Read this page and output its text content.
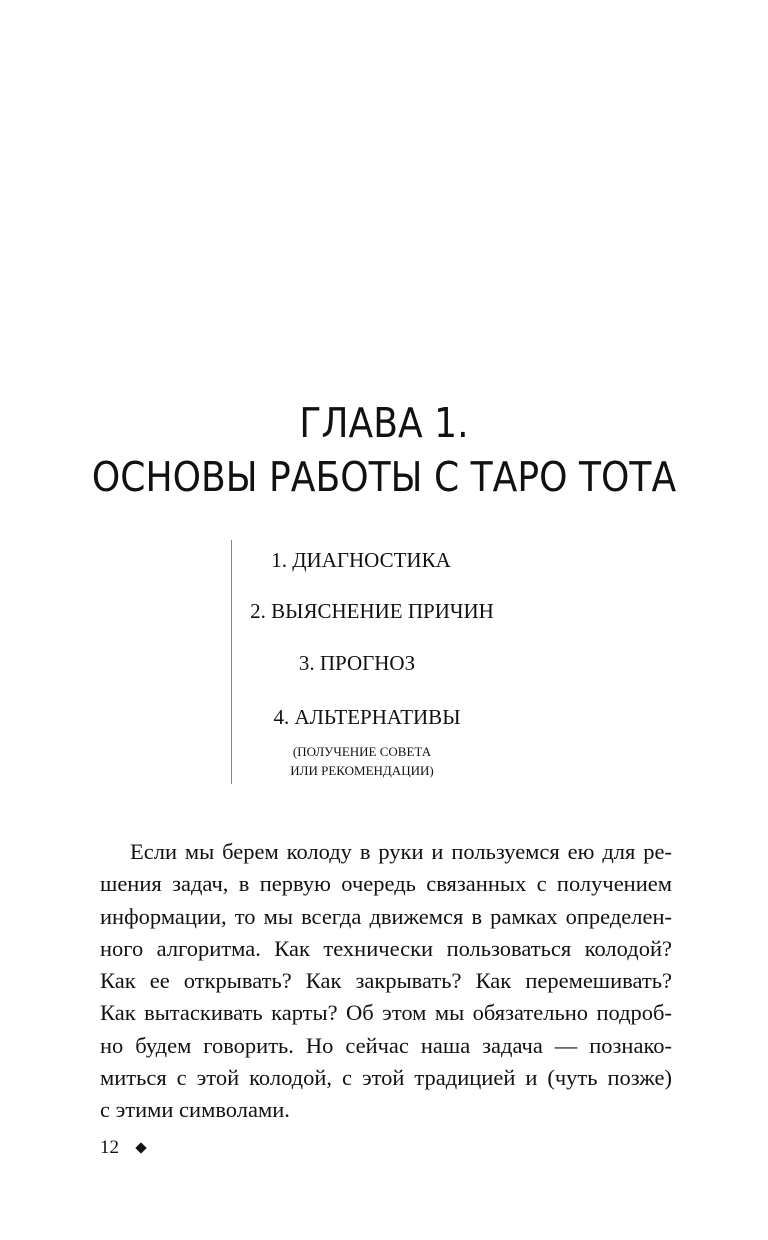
ГЛАВА 1.
ОСНОВЫ РАБОТЫ С ТАРО ТОТА
1. ДИАГНОСТИКА
2. ВЫЯСНЕНИЕ ПРИЧИН
3. ПРОГНОЗ
4. АЛЬТЕРНАТИВЫ
(ПОЛУЧЕНИЕ СОВЕТА
ИЛИ РЕКОМЕНДАЦИИ)

Если мы берем колоду в руки и пользуемся ею для ре-
шения задач, в первую очередь связанных с получением
информации, то мы всегда движемся в рамках определен-
ного алгоритма. Как технически пользоваться колодой?
Как ее открывать? Как закрывать? Как перемешивать?
Как вытаскивать карты? Об этом мы обязательно подроб-
но будем говорить. Но сейчас наша задача — познако-
миться с этой колодой, с этой традицией и (чуть позже)
с этими символами.

12
